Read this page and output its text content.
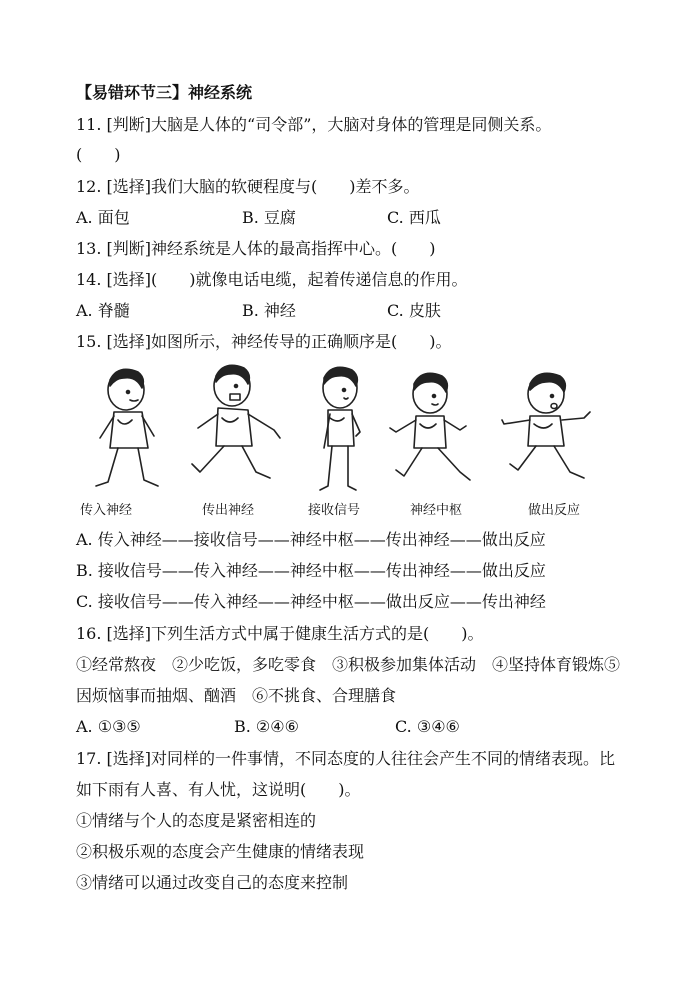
【易错环节三】神经系统
11. [判断]大脑是人体的“司令部”，大脑对身体的管理是同侧关系。
(　　)
12. [选择]我们大脑的软硬程度与(　　)差不多。
A. 面包	B. 豆腐	C. 西瓜
13. [判断]神经系统是人体的最高指挥中心。(　　)
14. [选择](　　)就像电话电缆，起着传递信息的作用。
A. 脊髓	B. 神经	C. 皮肤
15. [选择]如图所示，神经传导的正确顺序是(　　)。
传入神经	传出神经	接收信号	神经中枢	做出反应
A. 传入神经——接收信号——神经中枢——传出神经——做出反应
B. 接收信号——传入神经——神经中枢——传出神经——做出反应
C. 接收信号——传入神经——神经中枢——做出反应——传出神经
16. [选择]下列生活方式中属于健康生活方式的是(　　)。
①经常熬夜　②少吃饭，多吃零食　③积极参加集体活动　④坚持体育锻炼⑤
因烦恼事而抽烟、酗酒　⑥不挑食、合理膳食
A. ①③⑤	B. ②④⑥	C. ③④⑥
17. [选择]对同样的一件事情，不同态度的人往往会产生不同的情绪表现。比
如下雨有人喜、有人忧，这说明(　　)。
①情绪与个人的态度是紧密相连的
②积极乐观的态度会产生健康的情绪表现
③情绪可以通过改变自己的态度来控制
